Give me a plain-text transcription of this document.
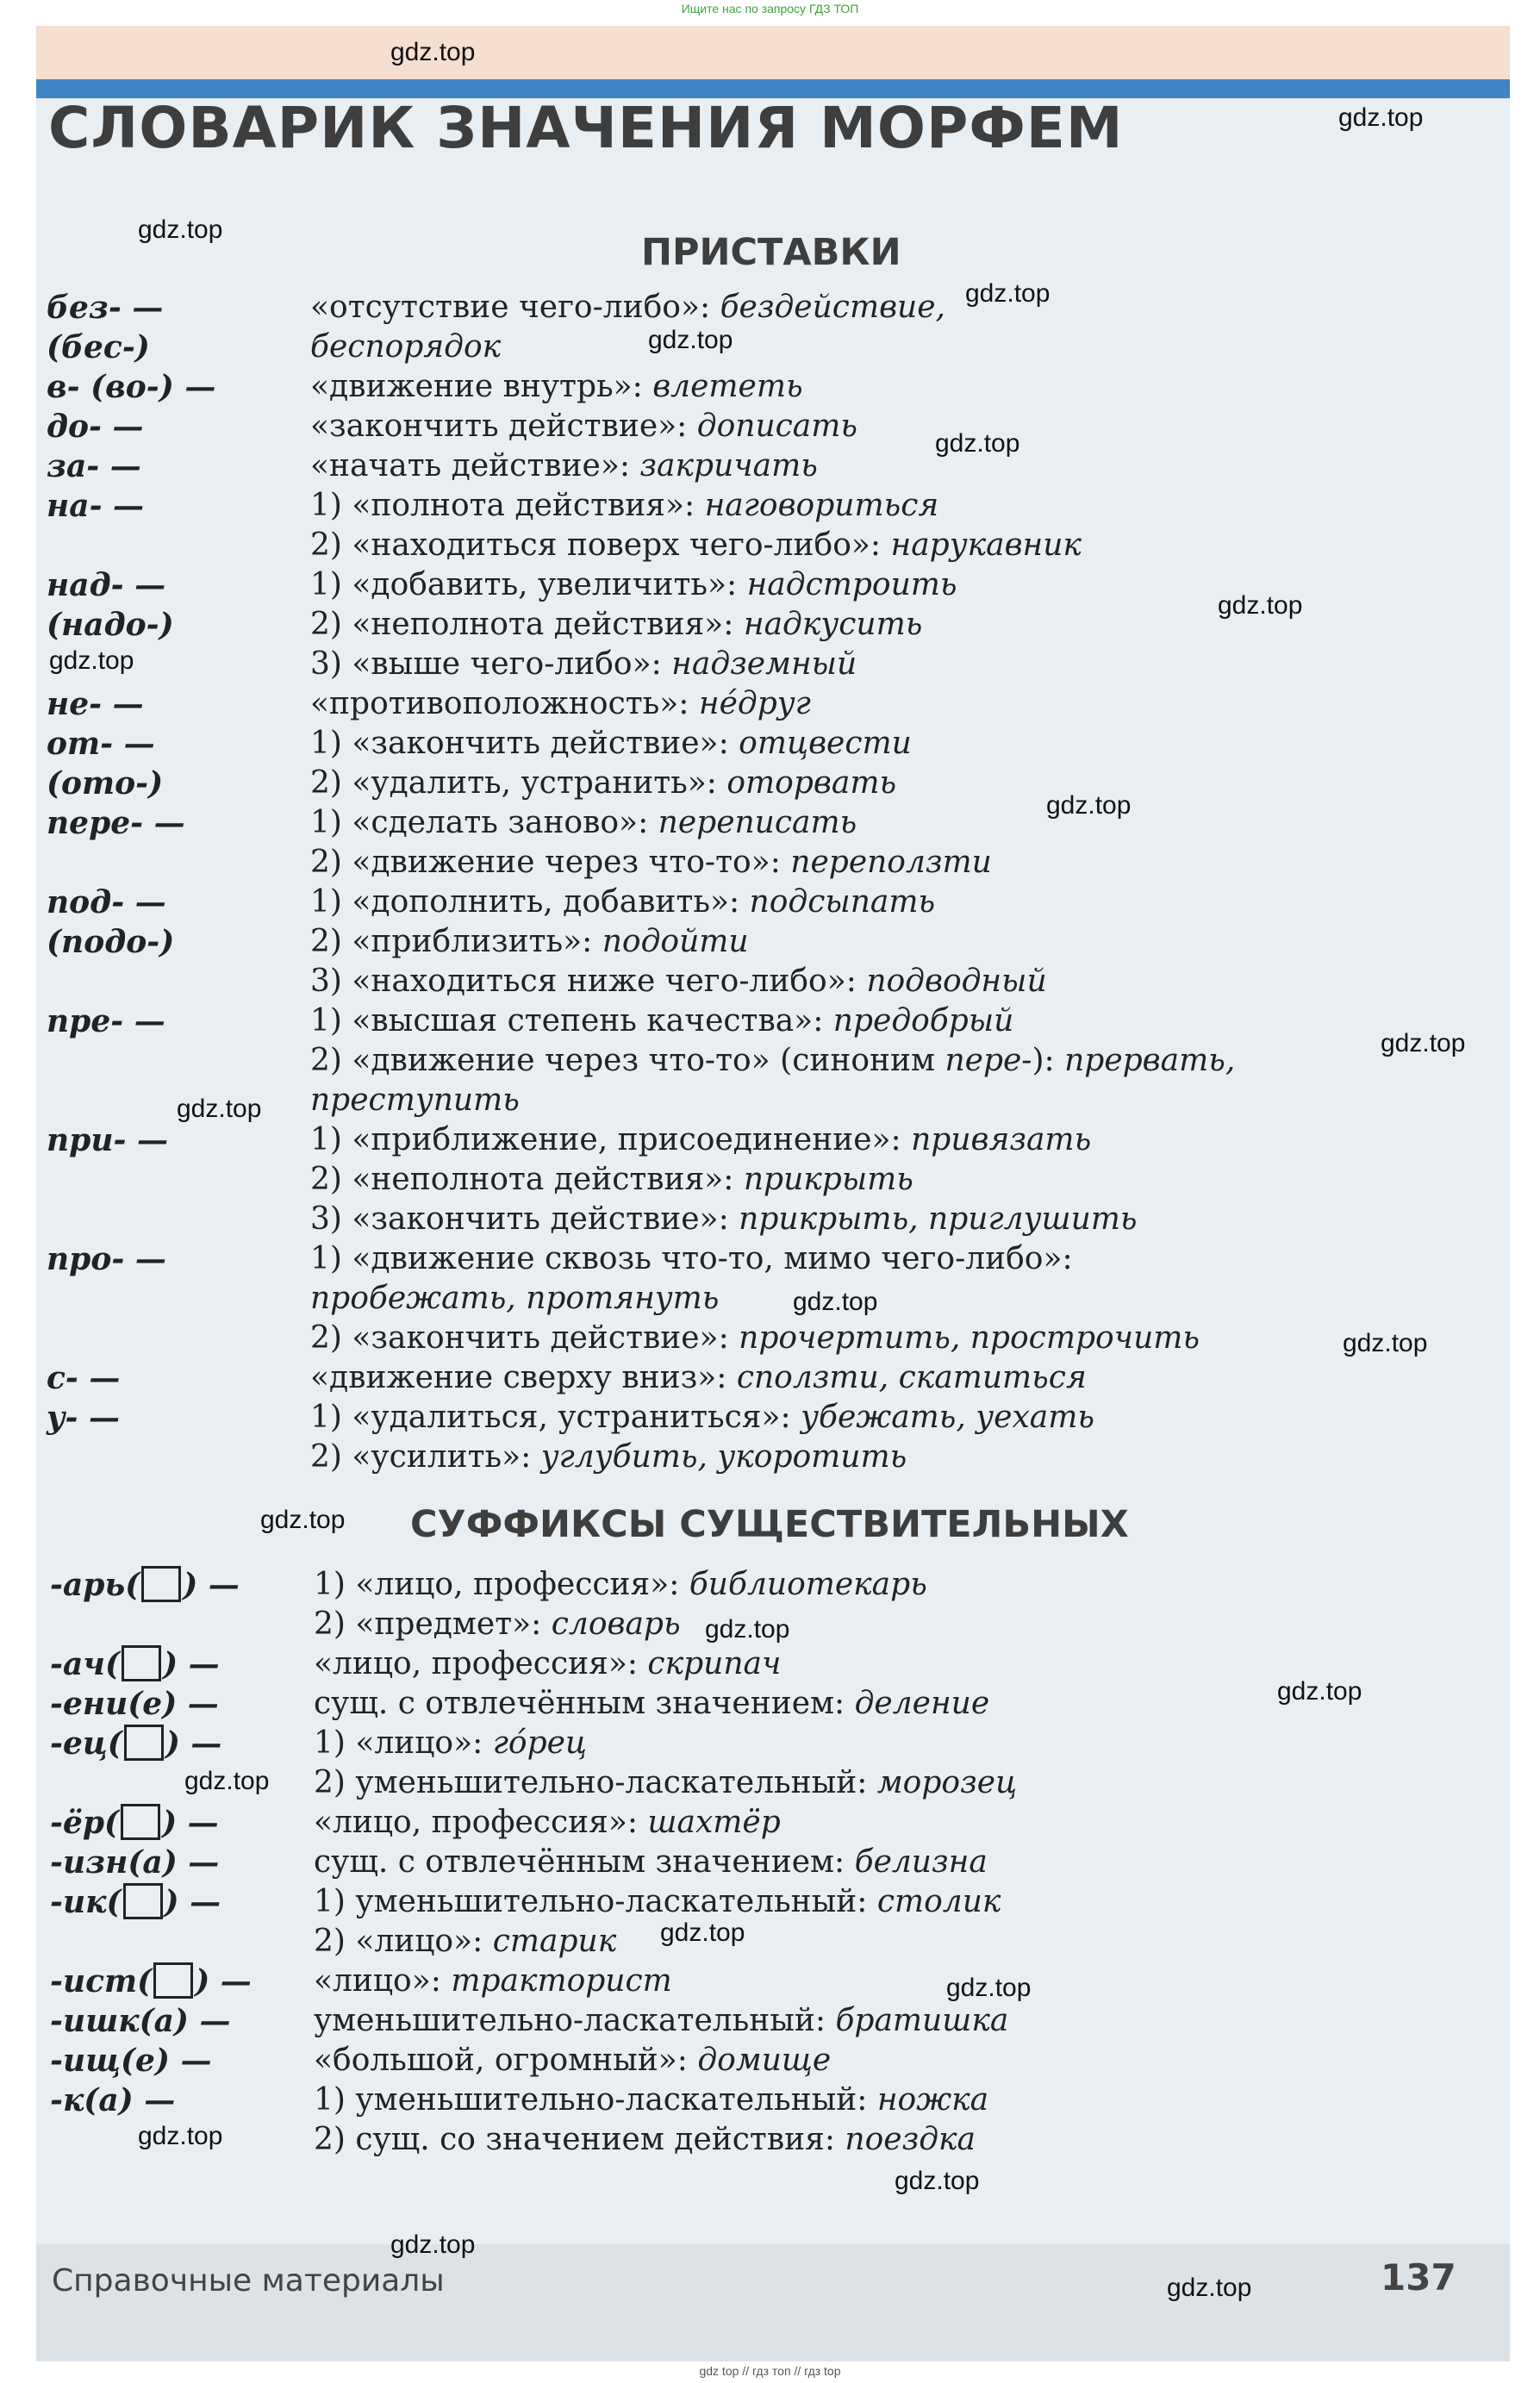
Ищите нас по запросу ГДЗ ТОП
СЛОВАРИК ЗНАЧЕНИЯ МОРФЕМ
ПРИСТАВКИ
без- —	«отсутствие чего-либо»: бездействие,
(бес-)	беспорядок
в- (во-) —	«движение внутрь»: влететь
до- —	«закончить действие»: дописать
за- —	«начать действие»: закричать
на- —	1) «полнота действия»: наговориться
2) «находиться поверх чего-либо»: нарукавник
над- —	1) «добавить, увеличить»: надстроить
(надо-)	2) «неполнота действия»: надкусить
3) «выше чего-либо»: надземный
не- —	«противоположность»: нéдруг
от- —	1) «закончить действие»: отцвести
(ото-)	2) «удалить, устранить»: оторвать
пере- —	1) «сделать заново»: переписать
2) «движение через что-то»: переползти
под- —	1) «дополнить, добавить»: подсыпать
(подо-)	2) «приблизить»: подойти
3) «находиться ниже чего-либо»: подводный
пре- —	1) «высшая степень качества»: предобрый
2) «движение через что-то» (синоним пере-): прервать,
преступить
при- —	1) «приближение, присоединение»: привязать
2) «неполнота действия»: прикрыть
3) «закончить действие»: прикрыть, приглушить
про- —	1) «движение сквозь что-то, мимо чего-либо»:
пробежать, протянуть
2) «закончить действие»: прочертить, прострочить
с- —	«движение сверху вниз»: сползти, скатиться
у- —	1) «удалиться, устраниться»: убежать, уехать
2) «усилить»: углубить, укоротить
СУФФИКСЫ СУЩЕСТВИТЕЛЬНЫХ
-арь( ) — 1) «лицо, профессия»: библиотекарь
2) «предмет»: словарь
-ач( ) —	«лицо, профессия»: скрипач
-ени(е) —	сущ. с отвлечённым значением: деление
-ец( ) —	1) «лицо»: гóрец
2) уменьшительно-ласкательный: морозец
-ёр( ) —	«лицо, профессия»: шахтёр
-изн(а) —	сущ. с отвлечённым значением: белизна
-ик( ) —	1) уменьшительно-ласкательный: столик
2) «лицо»: старик
-ист( ) — «лицо»: тракторист
-ишк(а) —	уменьшительно-ласкательный: братишка
-ищ(е) —	«большой, огромный»: домище
-к(а) —	1) уменьшительно-ласкательный: ножка
2) сущ. со значением действия: поездка
Справочные материалы	137
gdz.top
gdz.top
gdz.top
gdz.top
gdz.top
gdz.top
gdz.top
gdz.top
gdz.top
gdz.top
gdz.top
gdz.top
gdz.top
gdz.top
gdz.top
gdz.top
gdz.top
gdz.top
gdz.top
gdz.top
gdz.top
gdz.top
gdz.top
gdz top // гдз топ // гдз top
